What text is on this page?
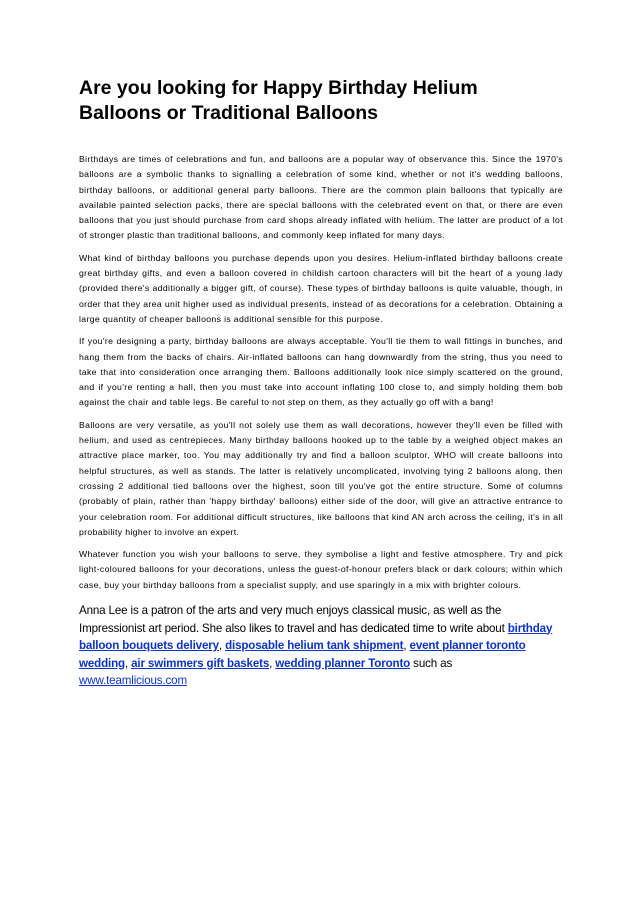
Are you looking for Happy Birthday Helium Balloons or Traditional Balloons

Birthdays are times of celebrations and fun, and balloons are a popular way of observance this. Since the 1970's balloons are a symbolic thanks to signalling a celebration of some kind, whether or not it's wedding balloons, birthday balloons, or additional general party balloons. There are the common plain balloons that typically are available painted selection packs, there are special balloons with the celebrated event on that, or there are even balloons that you just should purchase from card shops already inflated with helium. The latter are product of a lot of stronger plastic than traditional balloons, and commonly keep inflated for many days.

What kind of birthday balloons you purchase depends upon you desires. Helium-inflated birthday balloons create great birthday gifts, and even a balloon covered in childish cartoon characters will bit the heart of a young lady (provided there's additionally a bigger gift, of course). These types of birthday balloons is quite valuable, though, in order that they area unit higher used as individual presents, instead of as decorations for a celebration. Obtaining a large quantity of cheaper balloons is additional sensible for this purpose.

If you're designing a party, birthday balloons are always acceptable. You'll tie them to wall fittings in bunches, and hang them from the backs of chairs. Air-inflated balloons can hang downwardly from the string, thus you need to take that into consideration once arranging them. Balloons additionally look nice simply scattered on the ground, and if you're renting a hall, then you must take into account inflating 100 close to, and simply holding them bob against the chair and table legs. Be careful to not step on them, as they actually go off with a bang!

Balloons are very versatile, as you'll not solely use them as wall decorations, however they'll even be filled with helium, and used as centrepieces. Many birthday balloons hooked up to the table by a weighed object makes an attractive place marker, too. You may additionally try and find a balloon sculptor, WHO will create balloons into helpful structures, as well as stands. The latter is relatively uncomplicated, involving tying 2 balloons along, then crossing 2 additional tied balloons over the highest, soon till you've got the entire structure. Some of columns (probably of plain, rather than 'happy birthday' balloons) either side of the door, will give an attractive entrance to your celebration room. For additional difficult structures, like balloons that kind AN arch across the ceiling, it's in all probability higher to involve an expert.

Whatever function you wish your balloons to serve, they symbolise a light and festive atmosphere. Try and pick light-coloured balloons for your decorations, unless the guest-of-honour prefers black or dark colours; within which case, buy your birthday balloons from a specialist supply, and use sparingly in a mix with brighter colours.

Anna Lee is a patron of the arts and very much enjoys classical music, as well as the Impressionist art period. She also likes to travel and has dedicated time to write about birthday balloon bouquets delivery, disposable helium tank shipment, event planner toronto wedding, air swimmers gift baskets, wedding planner Toronto such as www.teamlicious.com
